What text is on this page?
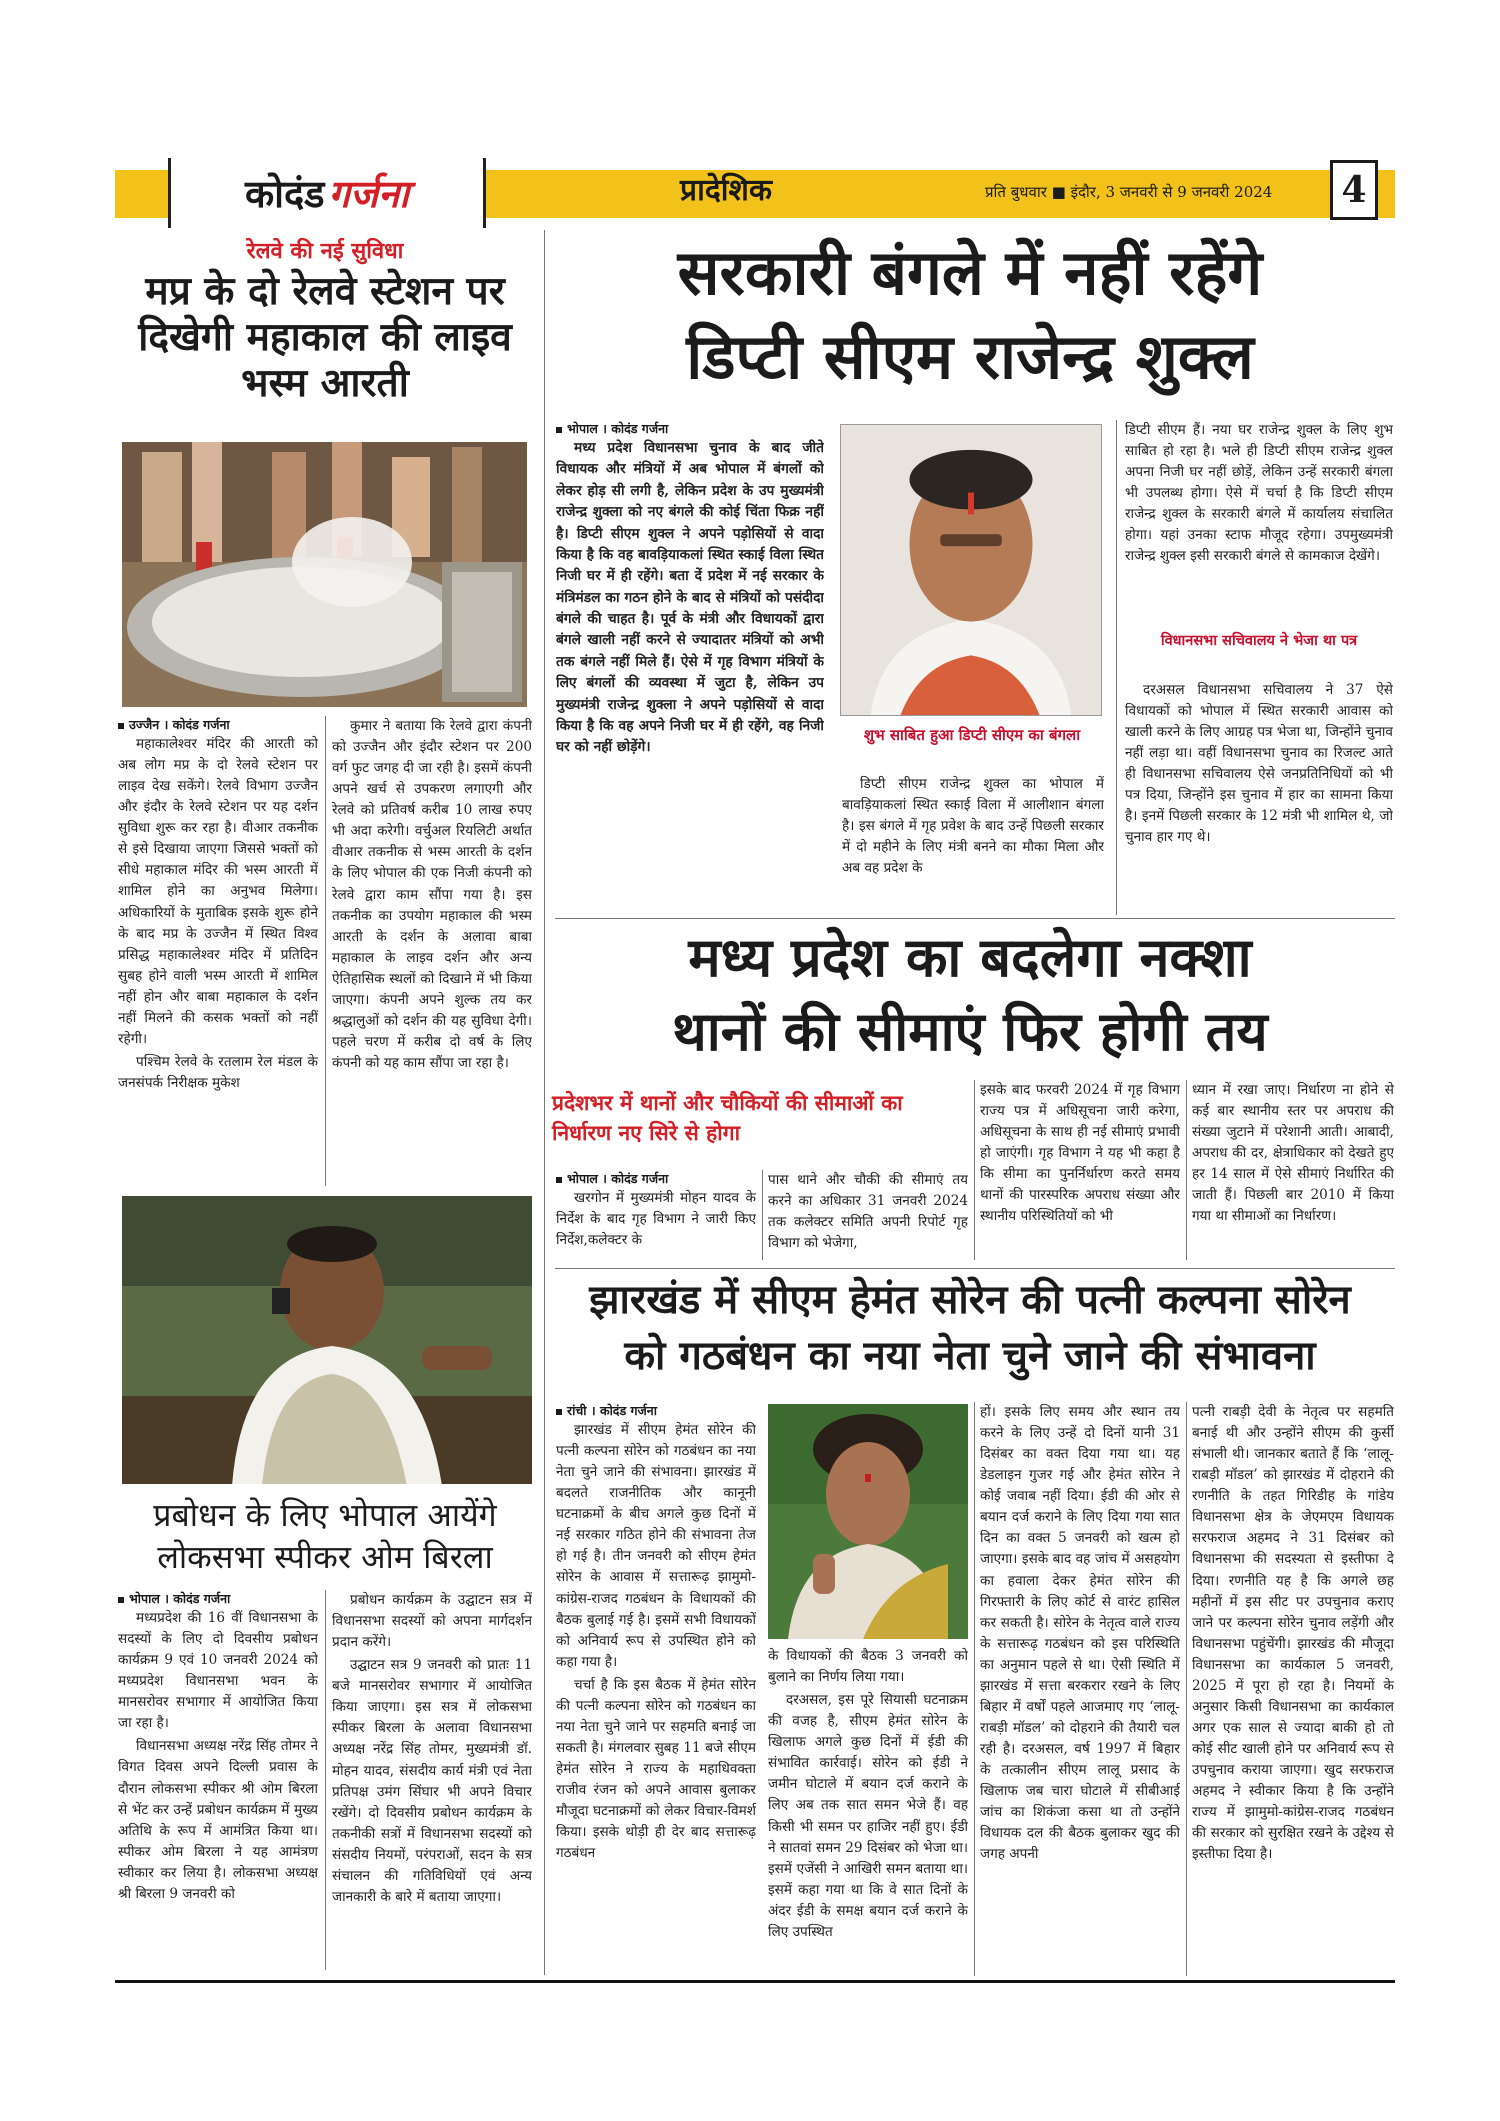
कोदंड गर्जना	प्रादेशिक	प्रति बुधवार ■ इंदौर, 3 जनवरी से 9 जनवरी 2024	4
रेलवे की नई सुविधा
मप्र के दो रेलवे स्टेशन पर दिखेगी महाकाल की लाइव भस्म आरती
उज्जैन । कोदंड गर्जना

महाकालेश्वर मंदिर की आरती को अब लोग मप्र के दो रेलवे स्टेशन पर लाइव देख सकेंगे। रेलवे विभाग उज्जैन और इंदौर के रेलवे स्टेशन पर यह दर्शन सुविधा शुरू कर रहा है। वीआर तकनीक से इसे दिखाया जाएगा जिससे भक्तों को सीधे महाकाल मंदिर की भस्म आरती में शामिल होने का अनुभव मिलेगा। अधिकारियों के मुताबिक इसके शुरू होने के बाद मप्र के उज्जैन में स्थित विश्व प्रसिद्ध महाकालेश्वर मंदिर में प्रतिदिन सुबह होने वाली भस्म आरती में शामिल नहीं होन और बाबा महाकाल के दर्शन नहीं मिलने की कसक भक्तों को नहीं रहेगी।

पश्चिम रेलवे के रतलाम रेल मंडल के जनसंपर्क निरीक्षक मुकेश

कुमार ने बताया कि रेलवे द्वारा कंपनी को उज्जैन और इंदौर स्टेशन पर 200 वर्ग फुट जगह दी जा रही है। इसमें कंपनी अपने खर्च से उपकरण लगाएगी और रेलवे को प्रतिवर्ष करीब 10 लाख रुपए भी अदा करेगी। वर्चुअल रियलिटी अर्थात वीआर तकनीक से भस्म आरती के दर्शन के लिए भोपाल की एक निजी कंपनी को रेलवे द्वारा काम सौंपा गया है। इस तकनीक का उपयोग महाकाल की भस्म आरती के दर्शन के अलावा बाबा महाकाल के लाइव दर्शन और अन्य ऐतिहासिक स्थलों को दिखाने में भी किया जाएगा। कंपनी अपने शुल्क तय कर श्रद्धालुओं को दर्शन की यह सुविधा देगी। पहले चरण में करीब दो वर्ष के लिए कंपनी को यह काम सौंपा जा रहा है।

प्रबोधन के लिए भोपाल आयेंगे लोकसभा स्पीकर ओम बिरला
भोपाल । कोदंड गर्जना

मध्यप्रदेश की 16 वीं विधानसभा के सदस्यों के लिए दो दिवसीय प्रबोधन कार्यक्रम 9 एवं 10 जनवरी 2024 को मध्यप्रदेश विधानसभा भवन के मानसरोवर सभागार में आयोजित किया जा रहा है।

विधानसभा अध्यक्ष नरेंद्र सिंह तोमर ने विगत दिवस अपने दिल्ली प्रवास के दौरान लोकसभा स्पीकर श्री ओम बिरला से भेंट कर उन्हें प्रबोधन कार्यक्रम में मुख्य अतिथि के रूप में आमंत्रित किया था। स्पीकर ओम बिरला ने यह आमंत्रण स्वीकार कर लिया है। लोकसभा अध्यक्ष श्री बिरला 9 जनवरी को

प्रबोधन कार्यक्रम के उद्घाटन सत्र में विधानसभा सदस्यों को अपना मार्गदर्शन प्रदान करेंगे।

उद्घाटन सत्र 9 जनवरी को प्रातः 11 बजे मानसरोवर सभागार में आयोजित किया जाएगा। इस सत्र में लोकसभा स्पीकर बिरला के अलावा विधानसभा अध्यक्ष नरेंद्र सिंह तोमर, मुख्यमंत्री डॉ. मोहन यादव, संसदीय कार्य मंत्री एवं नेता प्रतिपक्ष उमंग सिंघार भी अपने विचार रखेंगे। दो दिवसीय प्रबोधन कार्यक्रम के तकनीकी सत्रों में विधानसभा सदस्यों को संसदीय नियमों, परंपराओं, सदन के सत्र संचालन की गतिविधियों एवं अन्य जानकारी के बारे में बताया जाएगा।

सरकारी बंगले में नहीं रहेंगे
डिप्टी सीएम राजेन्द्र शुक्ल
भोपाल । कोदंड गर्जना

मध्य प्रदेश विधानसभा चुनाव के बाद जीते विधायक और मंत्रियों में अब भोपाल में बंगलों को लेकर होड़ सी लगी है, लेकिन प्रदेश के उप मुख्यमंत्री राजेन्द्र शुक्ला को नए बंगले की कोई चिंता फिक्र नहीं है। डिप्टी सीएम शुक्ल ने अपने पड़ोसियों से वादा किया है कि वह बावड़ियाकलां स्थित स्काई विला स्थित निजी घर में ही रहेंगे। बता दें प्रदेश में नई सरकार के मंत्रिमंडल का गठन होने के बाद से मंत्रियों को पसंदीदा बंगले की चाहत है। पूर्व के मंत्री और विधायकों द्वारा बंगले खाली नहीं करने से ज्यादातर मंत्रियों को अभी तक बंगले नहीं मिले हैं। ऐसे में गृह विभाग मंत्रियों के लिए बंगलों की व्यवस्था में जुटा है, लेकिन उप मुख्यमंत्री राजेन्द्र शुक्ला ने अपने पड़ोसियों से वादा किया है कि वह अपने निजी घर में ही रहेंगे, वह निजी घर को नहीं छोड़ेंगे।

शुभ साबित हुआ डिप्टी सीएम का बंगला

डिप्टी सीएम राजेन्द्र शुक्ल का भोपाल में बावड़ियाकलां स्थित स्काई विला में आलीशान बंगला है। इस बंगले में गृह प्रवेश के बाद उन्हें पिछली सरकार में दो महीने के लिए मंत्री बनने का मौका मिला और अब वह प्रदेश के

डिप्टी सीएम हैं। नया घर राजेन्द्र शुक्ल के लिए शुभ साबित हो रहा है। भले ही डिप्टी सीएम राजेन्द्र शुक्ल अपना निजी घर नहीं छोड़ें, लेकिन उन्हें सरकारी बंगला भी उपलब्ध होगा। ऐसे में चर्चा है कि डिप्टी सीएम राजेन्द्र शुक्ल के सरकारी बंगले में कार्यालय संचालित होगा। यहां उनका स्टाफ मौजूद रहेगा। उपमुख्यमंत्री राजेन्द्र शुक्ल इसी सरकारी बंगले से कामकाज देखेंगे।

विधानसभा सचिवालय ने भेजा था पत्र

दरअसल विधानसभा सचिवालय ने 37 ऐसे विधायकों को भोपाल में स्थित सरकारी आवास को खाली करने के लिए आग्रह पत्र भेजा था, जिन्होंने चुनाव नहीं लड़ा था। वहीं विधानसभा चुनाव का रिजल्ट आते ही विधानसभा सचिवालय ऐसे जनप्रतिनिधियों को भी पत्र दिया, जिन्होंने इस चुनाव में हार का सामना किया है। इनमें पिछली सरकार के 12 मंत्री भी शामिल थे, जो चुनाव हार गए थे।

मध्य प्रदेश का बदलेगा नक्शा
थानों की सीमाएं फिर होगी तय
प्रदेशभर में थानों और चौकियों की सीमाओं का निर्धारण नए सिरे से होगा
भोपाल । कोदंड गर्जना

खरगोन में मुख्यमंत्री मोहन यादव के निर्देश के बाद गृह विभाग ने जारी किए निर्देश,कलेक्टर के

पास थाने और चौकी की सीमाएं तय करने का अधिकार 31 जनवरी 2024 तक कलेक्टर समिति अपनी रिपोर्ट गृह विभाग को भेजेगा,

इसके बाद फरवरी 2024 में गृह विभाग राज्य पत्र में अधिसूचना जारी करेगा, अधिसूचना के साथ ही नई सीमाएं प्रभावी हो जाएंगी। गृह विभाग ने यह भी कहा है कि सीमा का पुनर्निर्धारण करते समय थानों की पारस्परिक अपराध संख्या और स्थानीय परिस्थितियों को भी

ध्यान में रखा जाए। निर्धारण ना होने से कई बार स्थानीय स्तर पर अपराध की संख्या जुटाने में परेशानी आती। आबादी, अपराध की दर, क्षेत्राधिकार को देखते हुए हर 14 साल में ऐसे सीमाएं निर्धारित की जाती हैं। पिछली बार 2010 में किया गया था सीमाओं का निर्धारण।

झारखंड में सीएम हेमंत सोरेन की पत्नी कल्पना सोरेन
को गठबंधन का नया नेता चुने जाने की संभावना
रांची । कोदंड गर्जना

झारखंड में सीएम हेमंत सोरेन की पत्नी कल्पना सोरेन को गठबंधन का नया नेता चुने जाने की संभावना। झारखंड में बदलते राजनीतिक और कानूनी घटनाक्रमों के बीच अगले कुछ दिनों में नई सरकार गठित होने की संभावना तेज हो गई है। तीन जनवरी को सीएम हेमंत सोरेन के आवास में सत्तारूढ़ झामुमो-कांग्रेस-राजद गठबंधन के विधायकों की बैठक बुलाई गई है। इसमें सभी विधायकों को अनिवार्य रूप से उपस्थित होने को कहा गया है।

चर्चा है कि इस बैठक में हेमंत सोरेन की पत्नी कल्पना सोरेन को गठबंधन का नया नेता चुने जाने पर सहमति बनाई जा सकती है। मंगलवार सुबह 11 बजे सीएम हेमंत सोरेन ने राज्य के महाधिवक्ता राजीव रंजन को अपने आवास बुलाकर मौजूदा घटनाक्रमों को लेकर विचार-विमर्श किया। इसके थोड़ी ही देर बाद सत्तारूढ़ गठबंधन

के विधायकों की बैठक 3 जनवरी को बुलाने का निर्णय लिया गया।

दरअसल, इस पूरे सियासी घटनाक्रम की वजह है, सीएम हेमंत सोरेन के खिलाफ अगले कुछ दिनों में ईडी की संभावित कार्रवाई। सोरेन को ईडी ने जमीन घोटाले में बयान दर्ज कराने के लिए अब तक सात समन भेजे हैं। वह किसी भी समन पर हाजिर नहीं हुए। ईडी ने सातवां समन 29 दिसंबर को भेजा था। इसमें एजेंसी ने आखिरी समन बताया था। इसमें कहा गया था कि वे सात दिनों के अंदर ईडी के समक्ष बयान दर्ज कराने के लिए उपस्थित

हों। इसके लिए समय और स्थान तय करने के लिए उन्हें दो दिनों यानी 31 दिसंबर का वक्त दिया गया था। यह डेडलाइन गुजर गई और हेमंत सोरेन ने कोई जवाब नहीं दिया। ईडी की ओर से बयान दर्ज कराने के लिए दिया गया सात दिन का वक्त 5 जनवरी को खत्म हो जाएगा। इसके बाद वह जांच में असहयोग का हवाला देकर हेमंत सोरेन की गिरफ्तारी के लिए कोर्ट से वारंट हासिल कर सकती है। सोरेन के नेतृत्व वाले राज्य के सत्तारूढ़ गठबंधन को इस परिस्थिति का अनुमान पहले से था। ऐसी स्थिति में झारखंड में सत्ता बरकरार रखने के लिए बिहार में वर्षों पहले आजमाए गए ‘लालू-राबड़ी मॉडल’ को दोहराने की तैयारी चल रही है। दरअसल, वर्ष 1997 में बिहार के तत्कालीन सीएम लालू प्रसाद के खिलाफ जब चारा घोटाले में सीबीआई जांच का शिकंजा कसा था तो उन्होंने विधायक दल की बैठक बुलाकर खुद की जगह अपनी

पत्नी राबड़ी देवी के नेतृत्व पर सहमति बनाई थी और उन्होंने सीएम की कुर्सी संभाली थी। जानकार बताते हैं कि ‘लालू-राबड़ी मॉडल’ को झारखंड में दोहराने की रणनीति के तहत गिरिडीह के गांडेय विधानसभा क्षेत्र के जेएमएम विधायक सरफराज अहमद ने 31 दिसंबर को विधानसभा की सदस्यता से इस्तीफा दे दिया। रणनीति यह है कि अगले छह महीनों में इस सीट पर उपचुनाव कराए जाने पर कल्पना सोरेन चुनाव लड़ेंगी और विधानसभा पहुंचेंगी। झारखंड की मौजूदा विधानसभा का कार्यकाल 5 जनवरी, 2025 में पूरा हो रहा है। नियमों के अनुसार किसी विधानसभा का कार्यकाल अगर एक साल से ज्यादा बाकी हो तो कोई सीट खाली होने पर अनिवार्य रूप से उपचुनाव कराया जाएगा। खुद सरफराज अहमद ने स्वीकार किया है कि उन्होंने राज्य में झामुमो-कांग्रेस-राजद गठबंधन की सरकार को सुरक्षित रखने के उद्देश्य से इस्तीफा दिया है।
